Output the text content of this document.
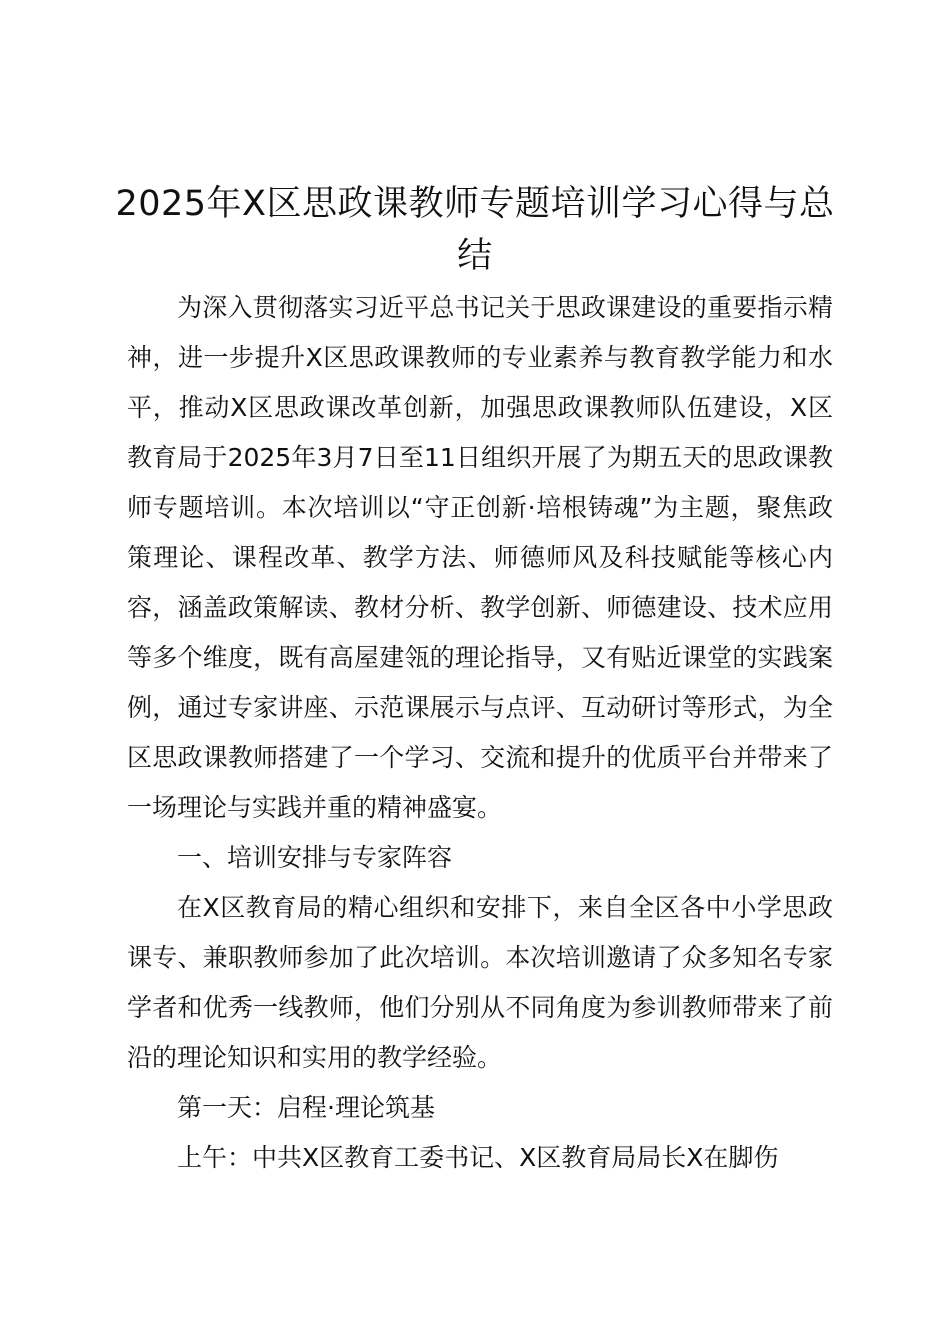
2025年X区思政课教师专题培训学习心得与总结

为深入贯彻落实习近平总书记关于思政课建设的重要指示精神，进一步提升X区思政课教师的专业素养与教育教学能力和水平，推动X区思政课改革创新，加强思政课教师队伍建设，X区教育局于2025年3月7日至11日组织开展了为期五天的思政课教师专题培训。本次培训以“守正创新·培根铸魂”为主题，聚焦政策理论、课程改革、教学方法、师德师风及科技赋能等核心内容，涵盖政策解读、教材分析、教学创新、师德建设、技术应用等多个维度，既有高屋建瓴的理论指导，又有贴近课堂的实践案例，通过专家讲座、示范课展示与点评、互动研讨等形式，为全区思政课教师搭建了一个学习、交流和提升的优质平台并带来了一场理论与实践并重的精神盛宴。

一、培训安排与专家阵容

在X区教育局的精心组织和安排下，来自全区各中小学思政课专、兼职教师参加了此次培训。本次培训邀请了众多知名专家学者和优秀一线教师，他们分别从不同角度为参训教师带来了前沿的理论知识和实用的教学经验。

第一天：启程·理论筑基

上午：中共X区教育工委书记、X区教育局局长X在脚伤
